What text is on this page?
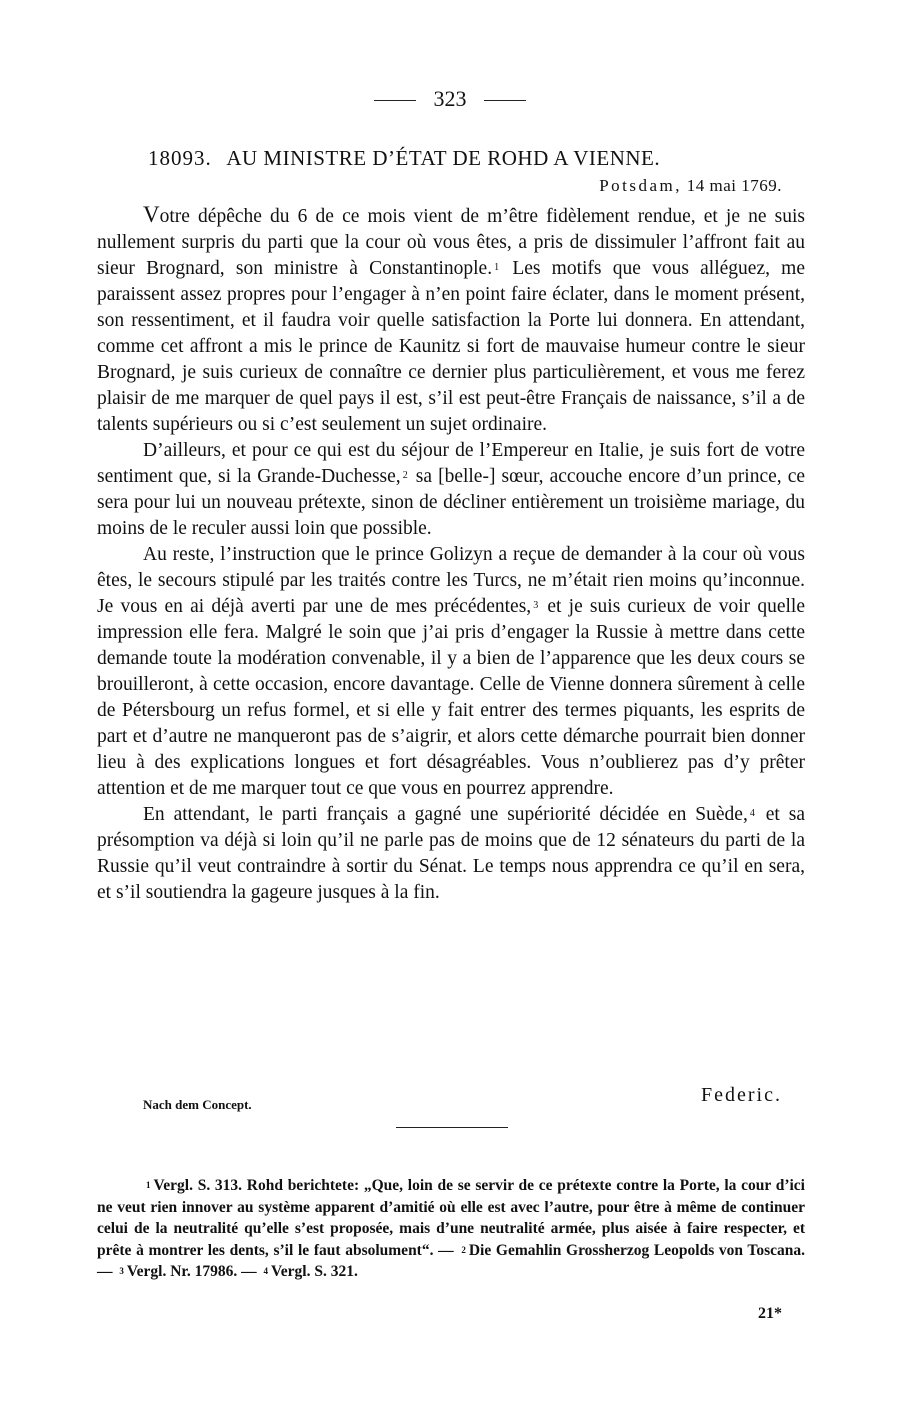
323
18093. AU MINISTRE D’ÉTAT DE ROHD A VIENNE.
Potsdam, 14 mai 1769.

Votre dépêche du 6 de ce mois vient de m’être fidèlement rendue, et je ne suis nullement surpris du parti que la cour où vous êtes, a pris de dissimuler l’affront fait au sieur Brognard, son ministre à Constantinople. $^1$ Les motifs que vous alléguez, me paraissent assez propres pour l’engager à n’en point faire éclater, dans le moment présent, son ressentiment, et il faudra voir quelle satisfaction la Porte lui donnera. En attendant, comme cet affront a mis le prince de Kaunitz si fort de mauvaise humeur contre le sieur Brognard, je suis curieux de connaître ce dernier plus particulièrement, et vous me ferez plaisir de me marquer de quel pays il est, s’il est peut-être Français de naissance, s’il a de talents supérieurs ou si c’est seulement un sujet ordinaire.

D’ailleurs, et pour ce qui est du séjour de l’Empereur en Italie, je suis fort de votre sentiment que, si la Grande-Duchesse, $^2$ sa [belle-] sœur, accouche encore d’un prince, ce sera pour lui un nouveau prétexte, sinon de décliner entièrement un troisième mariage, du moins de le reculer aussi loin que possible.

Au reste, l’instruction que le prince Golizyn a reçue de demander à la cour où vous êtes, le secours stipulé par les traités contre les Turcs, ne m’était rien moins qu’inconnue. Je vous en ai déjà averti par une de mes précédentes, $^3$ et je suis curieux de voir quelle impression elle fera. Malgré le soin que j’ai pris d’engager la Russie à mettre dans cette demande toute la modération convenable, il y a bien de l’apparence que les deux cours se brouilleront, à cette occasion, encore davantage. Celle de Vienne donnera sûrement à celle de Pétersbourg un refus formel, et si elle y fait entrer des termes piquants, les esprits de part et d’autre ne manqueront pas de s’aigrir, et alors cette démarche pourrait bien donner lieu à des explications longues et fort désagréables. Vous n’oublierez pas d’y prêter attention et de me marquer tout ce que vous en pourrez apprendre.

En attendant, le parti français a gagné une supériorité décidée en Suède, $^4$ et sa présomption va déjà si loin qu’il ne parle pas de moins que de 12 sénateurs du parti de la Russie qu’il veut contraindre à sortir du Sénat. Le temps nous apprendra ce qu’il en sera, et s’il soutiendra la gageure jusques à la fin.

Nach dem Concept.	Federic.

$^1$ Vergl. S. 313. Rohd berichtete: „Que, loin de se servir de ce prétexte contre la Porte, la cour d’ici ne veut rien innover au système apparent d’amitié où elle est avec l’autre, pour être à même de continuer celui de la neutralité qu’elle s’est proposée, mais d’une neutralité armée, plus aisée à faire respecter, et prête à montrer les dents, s’il le faut absolument“. — $^2$ Die Gemahlin Grossherzog Leopolds von Toscana. — $^3$ Vergl. Nr. 17986. — $^4$ Vergl. S. 321.

21*
